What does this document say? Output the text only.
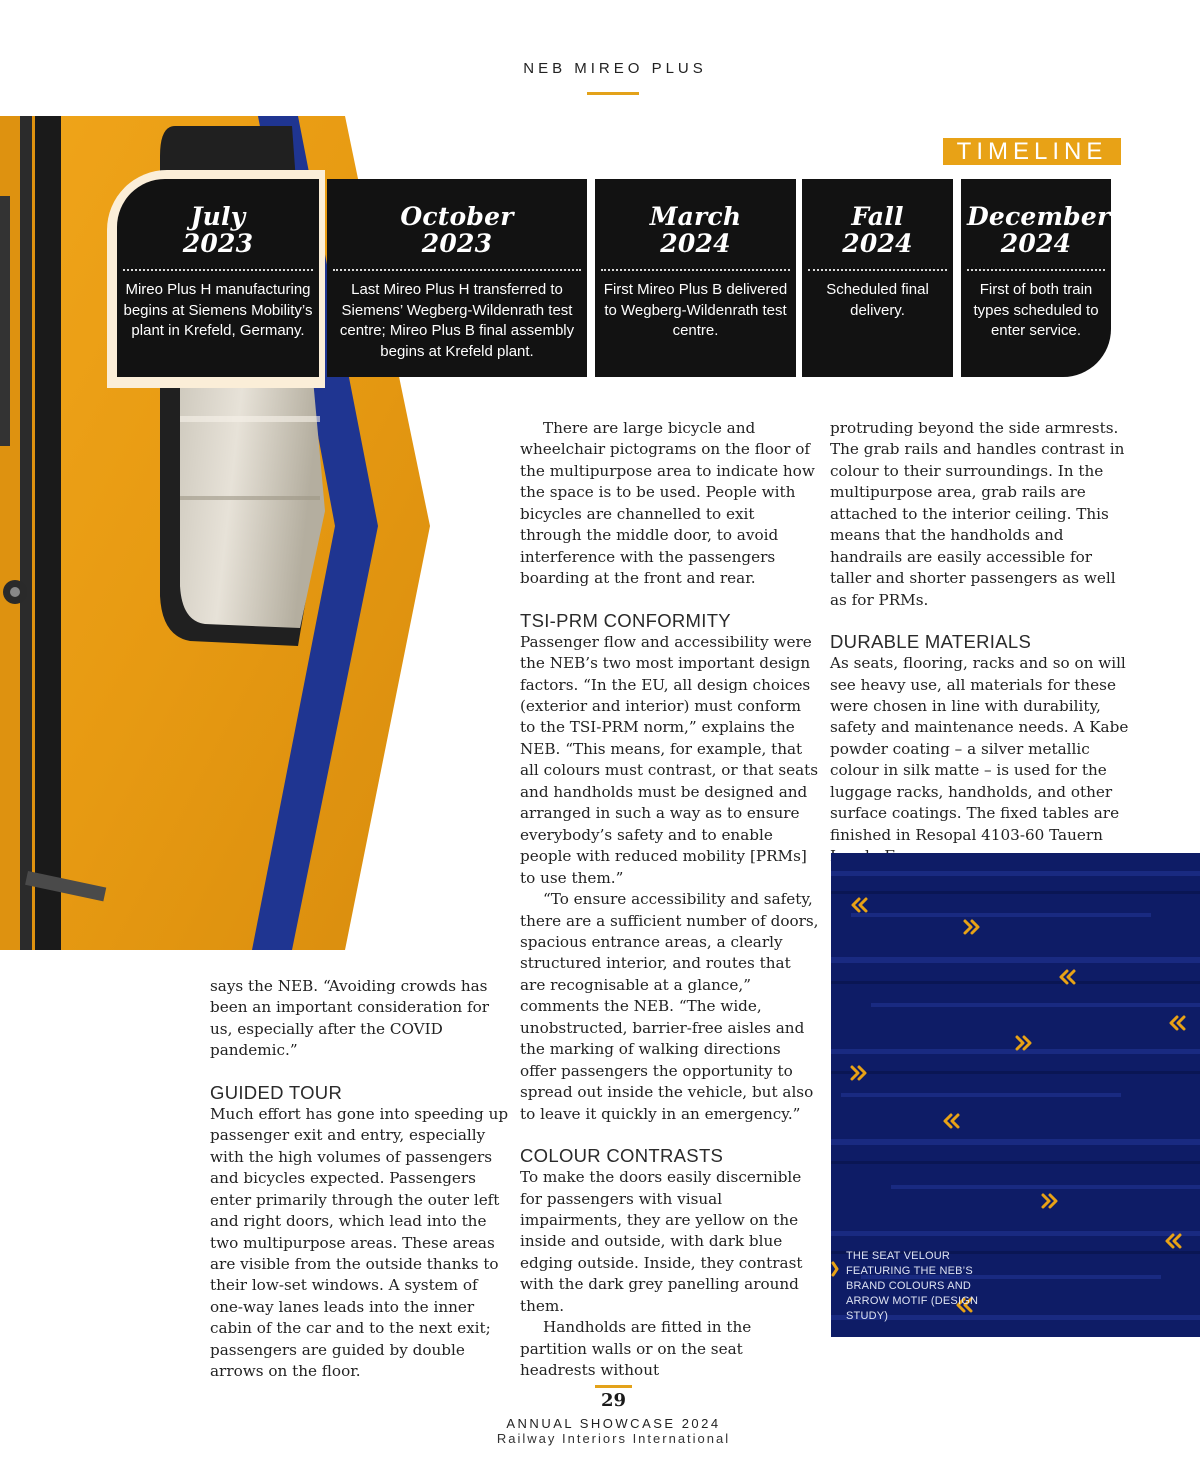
NEB MIREO PLUS
TIMELINE
July
2023
Mireo Plus H manufacturing begins at Siemens Mobility’s plant in Krefeld, Germany.
October
2023
Last Mireo Plus H transferred to Siemens’ Wegberg-Wildenrath test centre; Mireo Plus B final assembly begins at Krefeld plant.
March
2024
First Mireo Plus B delivered to Wegberg-Wildenrath test centre.
Fall
2024
Scheduled final delivery.
December
2024
First of both train types scheduled to enter service.

says the NEB. “Avoiding crowds has been an important consideration for us, especially after the COVID pandemic.”

GUIDED TOUR

Much effort has gone into speeding up passenger exit and entry, especially with the high volumes of passengers and bicycles expected. Passengers enter primarily through the outer left and right doors, which lead into the two multipurpose areas. These areas are visible from the outside thanks to their low-set windows. A system of one-way lanes leads into the inner cabin of the car and to the next exit; passengers are guided by double arrows on the floor.

There are large bicycle and wheelchair pictograms on the floor of the multipurpose area to indicate how the space is to be used. People with bicycles are channelled to exit through the middle door, to avoid interference with the passengers boarding at the front and rear.

TSI-PRM CONFORMITY

Passenger flow and accessibility were the NEB’s two most important design factors. “In the EU, all design choices (exterior and interior) must conform to the TSI-PRM norm,” explains the NEB. “This means, for example, that all colours must contrast, or that seats and handholds must be designed and arranged in such a way as to ensure everybody’s safety and to enable people with reduced mobility [PRMs] to use them.”

“To ensure accessibility and safety, there are a sufficient number of doors, spacious entrance areas, a clearly structured interior, and routes that are recognisable at a glance,” comments the NEB. “The wide, unobstructed, barrier-free aisles and the marking of walking directions offer passengers the opportunity to spread out inside the vehicle, but also to leave it quickly in an emergency.”

COLOUR CONTRASTS

To make the doors easily discernible for passengers with visual impairments, they are yellow on the inside and outside, with dark blue edging outside. Inside, they contrast with the dark grey panelling around them.

Handholds are fitted in the partition walls or on the seat headrests without

protruding beyond the side armrests. The grab rails and handles contrast in colour to their surroundings. In the multipurpose area, grab rails are attached to the interior ceiling. This means that the handholds and handrails are easily accessible for taller and shorter passengers as well as for PRMs.

DURABLE MATERIALS

As seats, flooring, racks and so on will see heavy use, all materials for these were chosen in line with durability, safety and maintenance needs. A Kabe powder coating – a silver metallic colour in silk matte – is used for the luggage racks, handholds, and other surface coatings. The fixed tables are finished in Resopal 4103-60 Tauern

THE SEAT VELOUR FEATURING THE NEB’S BRAND COLOURS AND ARROW MOTIF (DESIGN STUDY)
29
ANNUAL SHOWCASE 2024
Railway Interiors International
